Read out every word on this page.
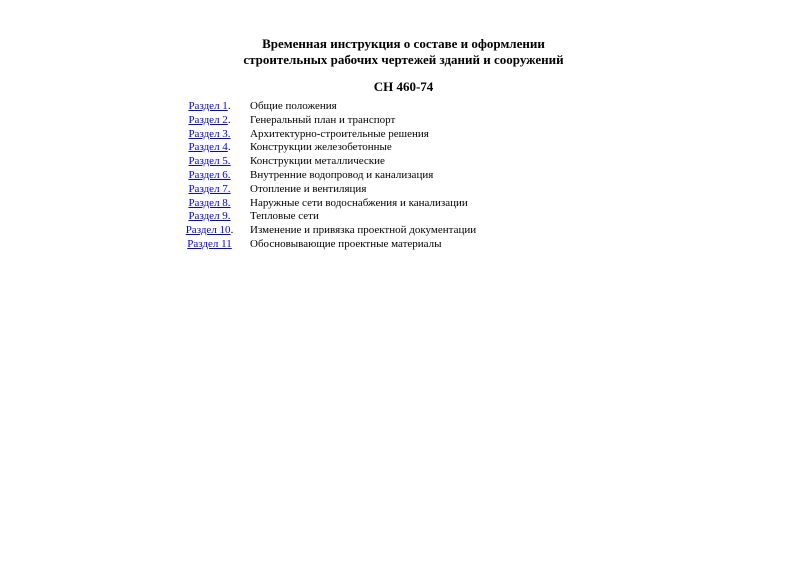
Временная инструкция о составе и оформлении
строительных рабочих чертежей зданий и сооружений
СН 460-74
Раздел 1.	Общие положения
Раздел 2.	Генеральный план и транспорт
Раздел 3.	Архитектурно-строительные решения
Раздел 4.	Конструкции железобетонные
Раздел 5.	Конструкции металлические
Раздел 6.	Внутренние водопровод и канализация
Раздел 7.	Отопление и вентиляция
Раздел 8.	Наружные сети водоснабжения и канализации
Раздел 9.	Тепловые сети
Раздел 10.	Изменение и привязка проектной документации
Раздел 11	Обосновывающие проектные материалы
